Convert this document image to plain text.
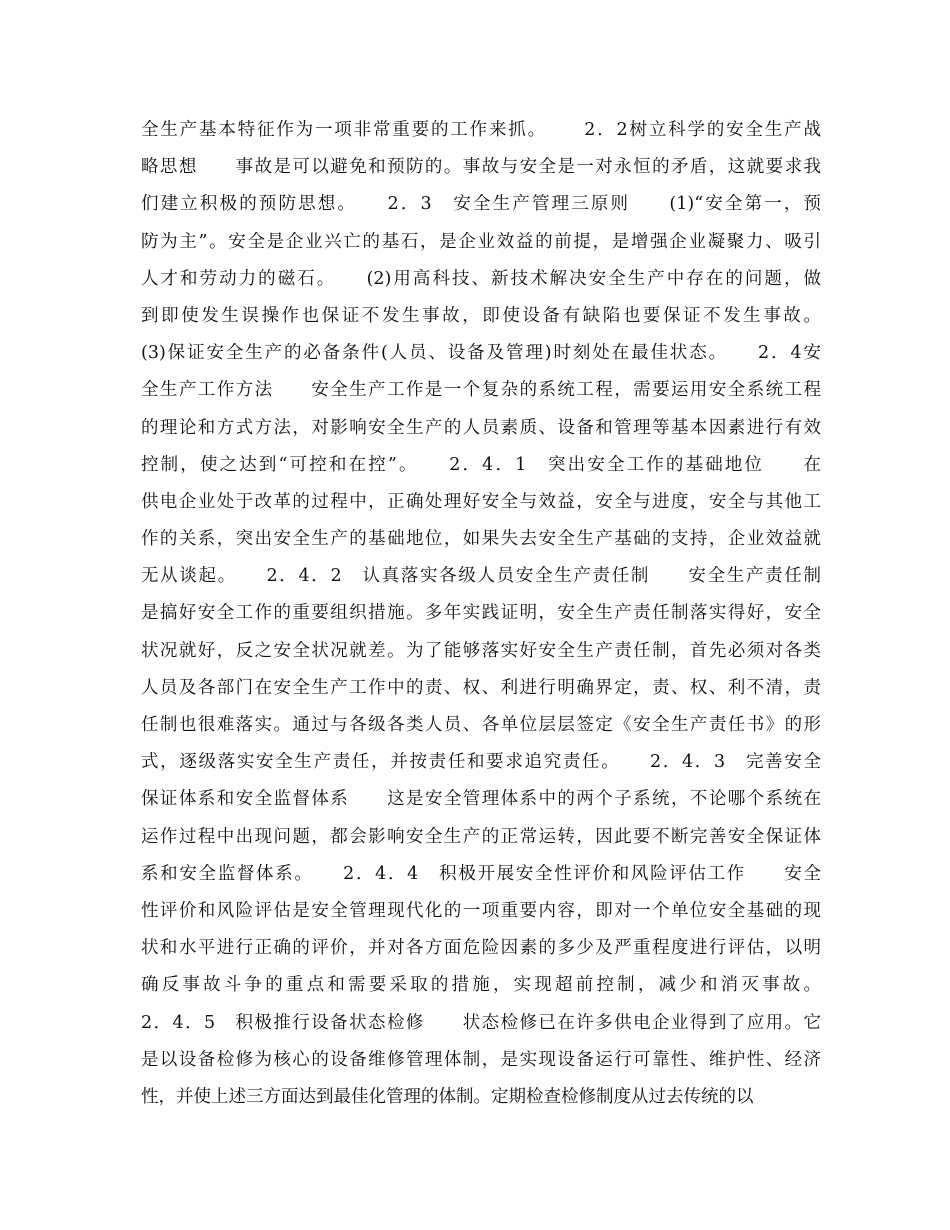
全生产基本特征作为一项非常重要的工作来抓。　　 2．2树立科学的安全生产战
略思想　　事故是可以避免和预防的。事故与安全是一对永恒的矛盾，这就要求我
们建立积极的预防思想。　　2．3　安全生产管理三原则　　(1)“安全第一，预
防为主”。安全是企业兴亡的基石，是企业效益的前提，是增强企业凝聚力、吸引
人才和劳动力的磁石。　　(2)用高科技、新技术解决安全生产中存在的问题，做
到即使发生误操作也保证不发生事故，即使设备有缺陷也要保证不发生事故。
(3)保证安全生产的必备条件(人员、设备及管理)时刻处在最佳状态。　　2．4安
全生产工作方法　　安全生产工作是一个复杂的系统工程，需要运用安全系统工程
的理论和方式方法，对影响安全生产的人员素质、设备和管理等基本因素进行有效
控制，使之达到“可控和在控”。　　2．4．1　突出安全工作的基础地位　　在
供电企业处于改革的过程中，正确处理好安全与效益，安全与进度，安全与其他工
作的关系，突出安全生产的基础地位，如果失去安全生产基础的支持，企业效益就
无从谈起。　　2．4．2　认真落实各级人员安全生产责任制　　安全生产责任制
是搞好安全工作的重要组织措施。多年实践证明，安全生产责任制落实得好，安全
状况就好，反之安全状况就差。为了能够落实好安全生产责任制，首先必须对各类
人员及各部门在安全生产工作中的责、权、利进行明确界定，责、权、利不清，责
任制也很难落实。通过与各级各类人员、各单位层层签定《安全生产责任书》的形
式，逐级落实安全生产责任，并按责任和要求追究责任。　　2．4．3　完善安全
保证体系和安全监督体系　　这是安全管理体系中的两个子系统，不论哪个系统在
运作过程中出现问题，都会影响安全生产的正常运转，因此要不断完善安全保证体
系和安全监督体系。　　2．4．4　积极开展安全性评价和风险评估工作　　安全
性评价和风险评估是安全管理现代化的一项重要内容，即对一个单位安全基础的现
状和水平进行正确的评价，并对各方面危险因素的多少及严重程度进行评估，以明
确反事故斗争的重点和需要采取的措施，实现超前控制，减少和消灭事故。
2．4．5　积极推行设备状态检修　　状态检修已在许多供电企业得到了应用。它
是以设备检修为核心的设备维修管理体制，是实现设备运行可靠性、维护性、经济
性，并使上述三方面达到最佳化管理的体制。定期检查检修制度从过去传统的以
